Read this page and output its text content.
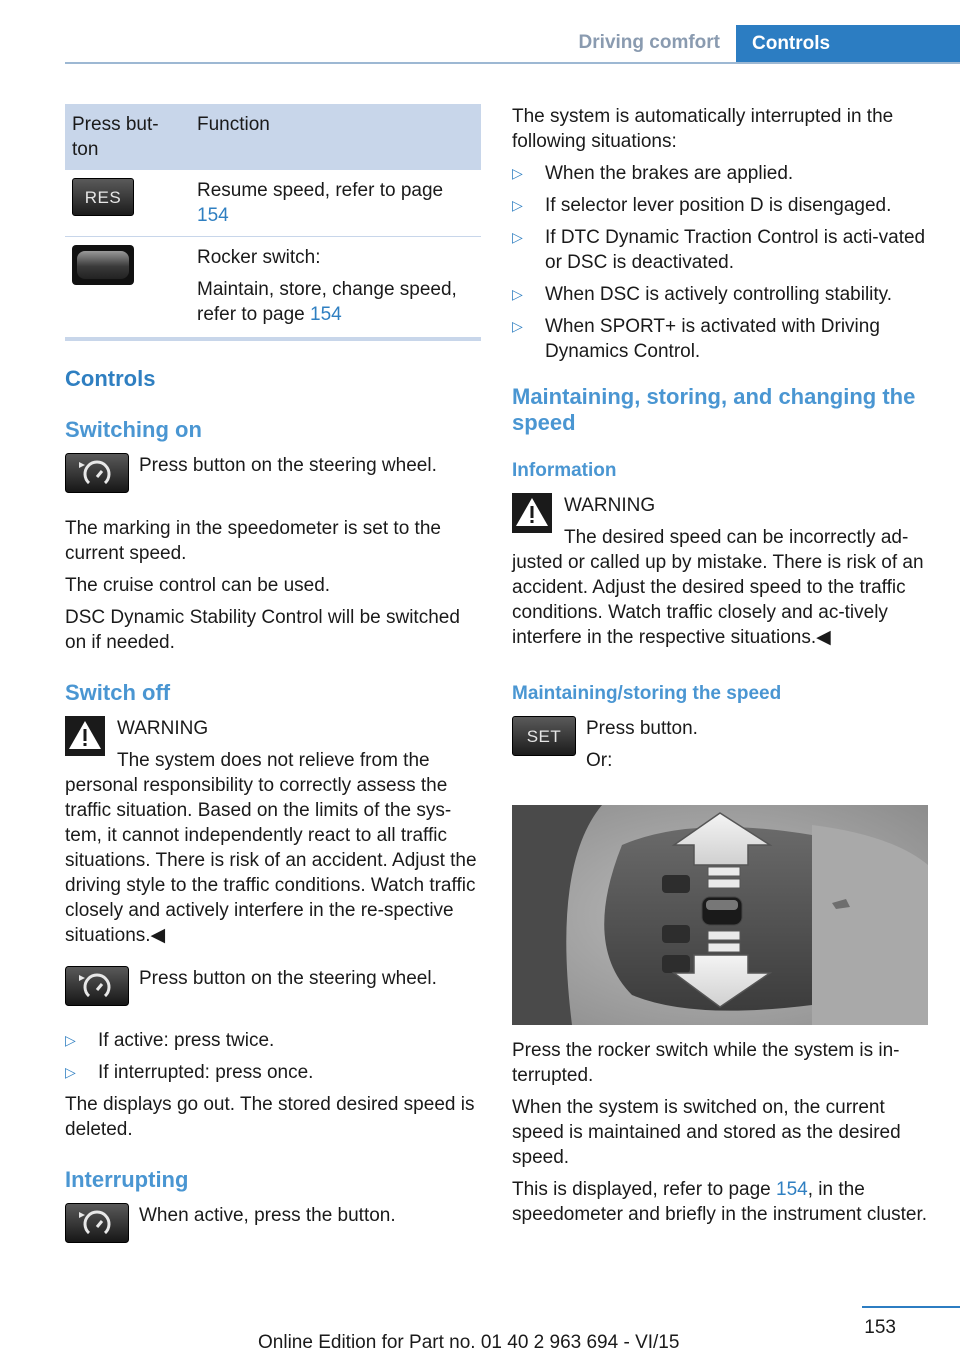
Driving comfort	Controls
Press but-
ton	Function

RES	Resume speed, refer to page 154

	Rocker switch:

Maintain, store, change speed, refer to page 154

Controls
Switching on

Press button on the steering wheel.

The marking in the speedometer is set to the current speed.

The cruise control can be used.

DSC Dynamic Stability Control will be switched on if needed.

Switch off

WARNING

The system does not relieve from the

personal responsibility to correctly assess the traffic situation. Based on the limits of the sys-tem, it cannot independently react to all traffic situations. There is risk of an accident. Adjust the driving style to the traffic conditions. Watch traffic closely and actively interfere in the re-spective situations.◀

Press button on the steering wheel.

▷ If active: press twice.
▷ If interrupted: press once.

The displays go out. The stored desired speed is deleted.

Interrupting

When active, press the button.

The system is automatically interrupted in the following situations:

▷ When the brakes are applied.
▷ If selector lever position D is disengaged.
▷ If DTC Dynamic Traction Control is acti-vated or DSC is deactivated.
▷ When DSC is actively controlling stability.
▷ When SPORT+ is activated with Driving Dynamics Control.
Maintaining, storing, and changing the speed
Information

WARNING

The desired speed can be incorrectly ad-

justed or called up by mistake. There is risk of an accident. Adjust the desired speed to the traffic conditions. Watch traffic closely and ac-tively interfere in the respective situations.◀

Maintaining/storing the speed
SET	Press button.

Or:

Press the rocker switch while the system is in-terrupted.

When the system is switched on, the current speed is maintained and stored as the desired speed.

This is displayed, refer to page 154, in the speedometer and briefly in the instrument cluster.

153
Online Edition for Part no. 01 40 2 963 694 - VI/15
